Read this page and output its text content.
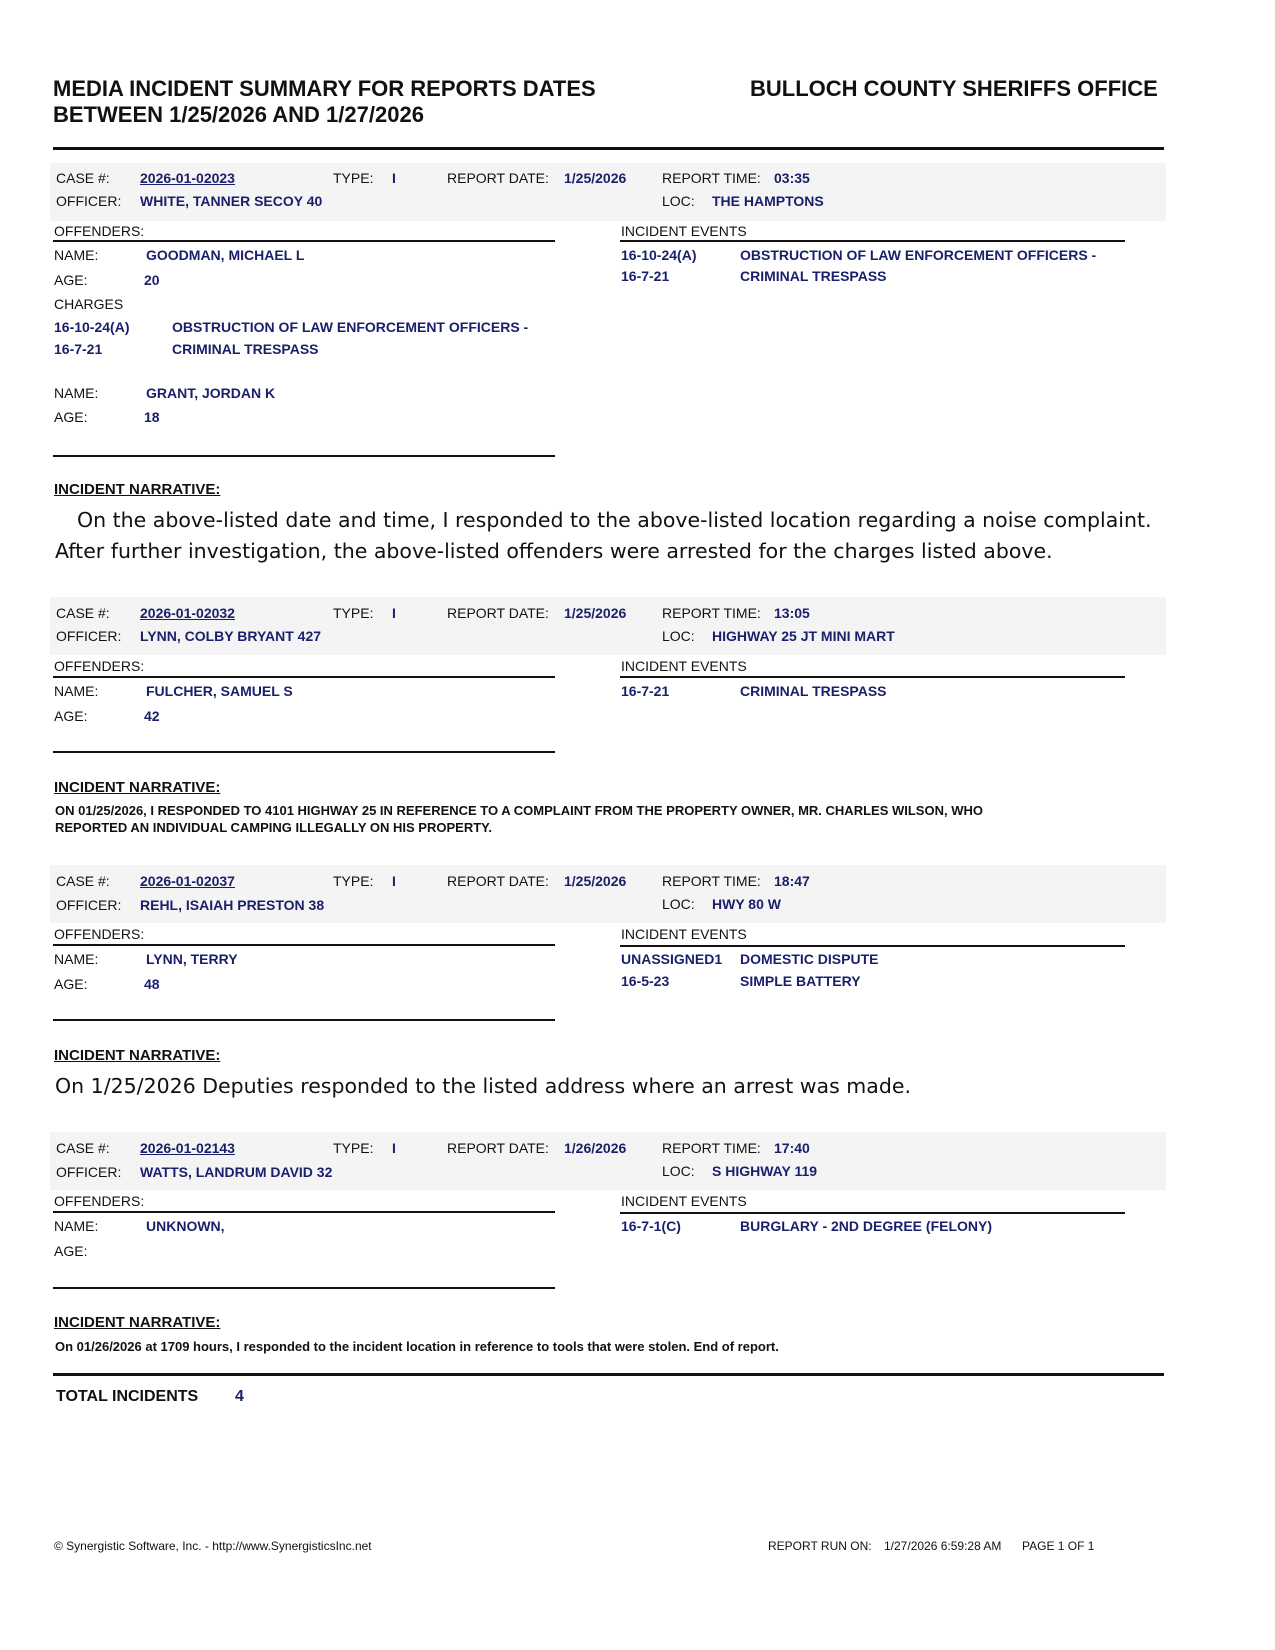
MEDIA INCIDENT SUMMARY FOR REPORTS DATES
BETWEEN 1/25/2026 AND 1/27/2026
BULLOCH COUNTY SHERIFFS OFFICE
CASE #: 2026-01-02023	TYPE: I	REPORT DATE: 1/25/2026	REPORT TIME: 03:35
OFFICER: WHITE, TANNER SECOY 40	LOC: THE HAMPTONS
OFFENDERS:	INCIDENT EVENTS
NAME:	GOODMAN, MICHAEL L
AGE:	20
CHARGES
16-10-24(A)	OBSTRUCTION OF LAW ENFORCEMENT OFFICERS -
16-7-21	CRIMINAL TRESPASS
NAME:	GRANT, JORDAN K
AGE:	18
16-10-24(A)	OBSTRUCTION OF LAW ENFORCEMENT OFFICERS -
16-7-21	CRIMINAL TRESPASS
INCIDENT NARRATIVE:
On the above-listed date and time, I responded to the above-listed location regarding a noise complaint.
After further investigation, the above-listed offenders were arrested for the charges listed above.
CASE #: 2026-01-02032	TYPE: I	REPORT DATE: 1/25/2026	REPORT TIME: 13:05
OFFICER: LYNN, COLBY BRYANT 427	LOC: HIGHWAY 25 JT MINI MART
OFFENDERS:	INCIDENT EVENTS
NAME:	FULCHER, SAMUEL S
AGE:	42
16-7-21	CRIMINAL TRESPASS
INCIDENT NARRATIVE:
ON 01/25/2026, I RESPONDED TO 4101 HIGHWAY 25 IN REFERENCE TO A COMPLAINT FROM THE PROPERTY OWNER, MR. CHARLES WILSON, WHO
REPORTED AN INDIVIDUAL CAMPING ILLEGALLY ON HIS PROPERTY.
CASE #: 2026-01-02037	TYPE: I	REPORT DATE: 1/25/2026	REPORT TIME: 18:47
OFFICER: REHL, ISAIAH PRESTON 38	LOC: HWY 80 W
OFFENDERS:	INCIDENT EVENTS
NAME:	LYNN, TERRY
AGE:	48
UNASSIGNED1 DOMESTIC DISPUTE
16-5-23	SIMPLE BATTERY
INCIDENT NARRATIVE:
On 1/25/2026 Deputies responded to the listed address where an arrest was made.
CASE #: 2026-01-02143	TYPE: I	REPORT DATE: 1/26/2026	REPORT TIME: 17:40
OFFICER: WATTS, LANDRUM DAVID 32	LOC: S HIGHWAY 119
OFFENDERS:	INCIDENT EVENTS
NAME:	UNKNOWN,
AGE:
16-7-1(C)	BURGLARY - 2ND DEGREE (FELONY)
INCIDENT NARRATIVE:
On 01/26/2026 at 1709 hours, I responded to the incident location in reference to tools that were stolen. End of report.
TOTAL INCIDENTS 4
© Synergistic Software, Inc. - http://www.SynergisticsInc.net	REPORT RUN ON: 1/27/2026 6:59:28 AM PAGE 1 OF 1
